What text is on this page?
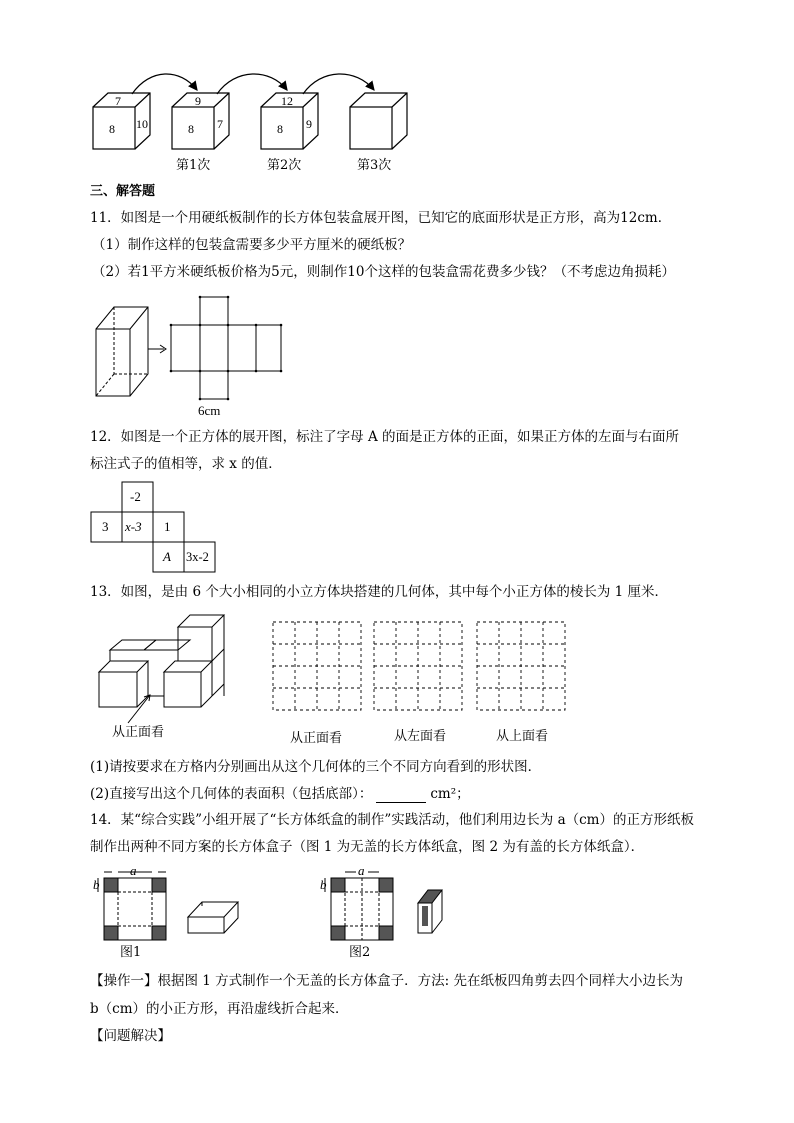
7
8 10
9
8 7
12
8 9
第1次	第2次	第3次
三、解答题
11．如图是一个用硬纸板制作的长方体包装盒展开图，已知它的底面形状是正方形，高为12cm．
（1）制作这样的包装盒需要多少平方厘米的硬纸板？
（2）若1平方米硬纸板价格为5元，则制作10个这样的包装盒需花费多少钱？（不考虑边角损耗）
6cm
12．如图是一个正方体的展开图，标注了字母 A 的面是正方体的正面，如果正方体的左面与右面所
标注式子的值相等，求 x 的值．
-2
3 x-3 1
A 3x-2
13．如图，是由 6 个大小相同的小立方体块搭建的几何体，其中每个小正方体的棱长为 1 厘米．
从正面看	从正面看	从左面看	从上面看
(1)请按要求在方格内分别画出从这个几何体的三个不同方向看到的形状图．
(2)直接写出这个几何体的表面积（包括底部）：	cm²；
14．某“综合实践”小组开展了“长方体纸盒的制作”实践活动，他们利用边长为 a（cm）的正方形纸板
制作出两种不同方案的长方体盒子（图 1 为无盖的长方体纸盒，图 2 为有盖的长方体纸盒）．
a
b
a
b
图1	图2
【操作一】根据图 1 方式制作一个无盖的长方体盒子．方法: 先在纸板四角剪去四个同样大小边长为
b（cm）的小正方形，再沿虚线折合起来．
【问题解决】
